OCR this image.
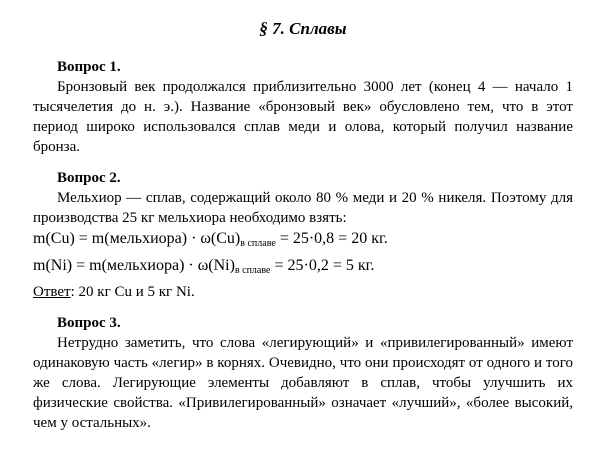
§ 7. Сплавы
Вопрос 1.

Бронзовый век продолжался приблизительно 3000 лет (конец 4 — начало 1 тысячелетия до н. э.). Название «бронзовый век» обусловлено тем, что в этот период широко использовался сплав меди и олова, который получил название бронза.

Вопрос 2.

Мельхиор — сплав, содержащий около 80 % меди и 20 % никеля. Поэтому для производства 25 кг мельхиора необходимо взять:

m(Cu) = m(мельхиора) · $\omega(Cu)_{в сплаве} = 25\cdot 0,8 = 20$ кг.

m(Ni) = m(мельхиора) · $\omega(Ni)_{в сплаве} = 25\cdot 0,2 = 5$ кг.

Ответ: 20 кг Cu и 5 кг Ni.

Вопрос 3.

Нетрудно заметить, что слова «легирующий» и «привилегированный» имеют одинаковую часть «легир» в корнях. Очевидно, что они происходят от одного и того же слова. Легирующие элементы добавляют в сплав, чтобы улучшить их физические свойства. «Привилегированный» означает «лучший», «более высокий, чем у остальных».
